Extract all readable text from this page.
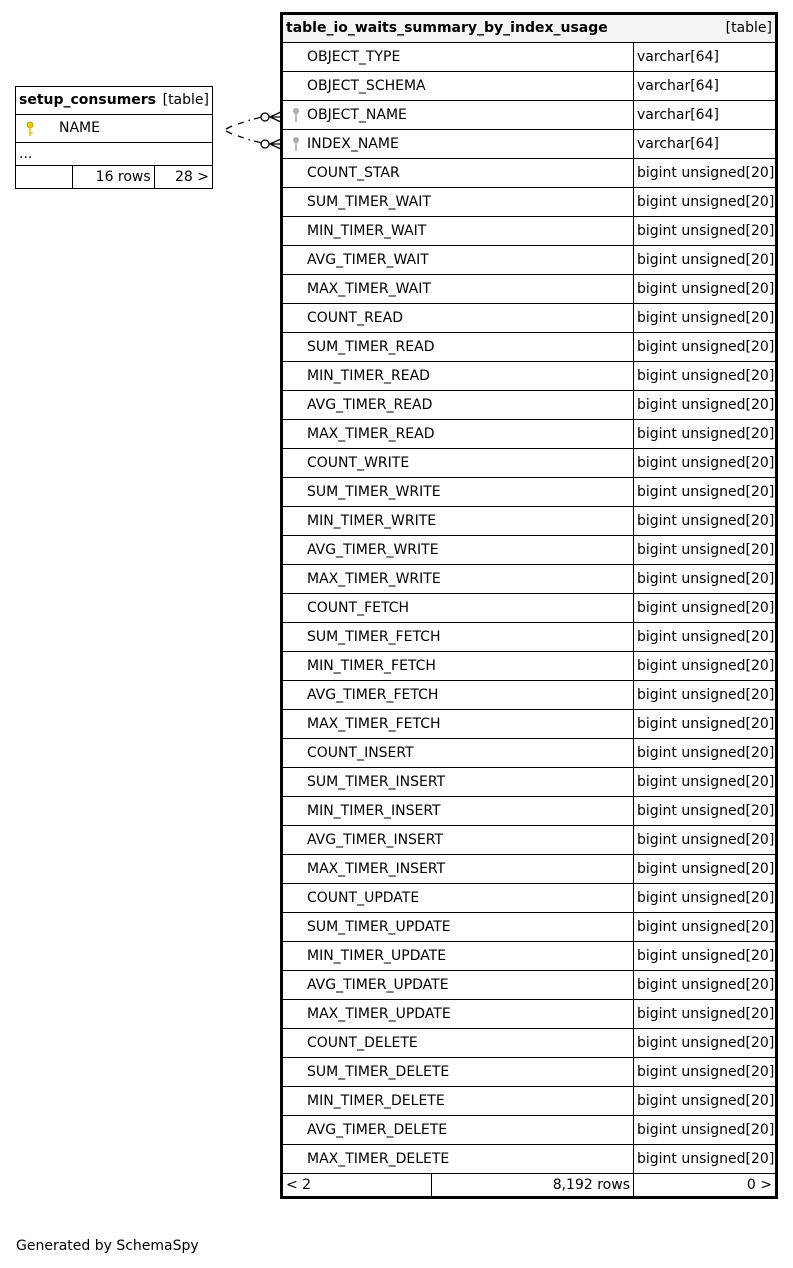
setup_consumers [table]

NAME
...
	16 rows	28 >
table_io_waits_summary_by_index_usage [table]		

OBJECT_TYPE		varchar[64]
OBJECT_SCHEMA		varchar[64]

OBJECT_NAME		varchar[64]

INDEX_NAME		varchar[64]
COUNT_STAR		bigint unsigned[20]
SUM_TIMER_WAIT		bigint unsigned[20]
MIN_TIMER_WAIT		bigint unsigned[20]
AVG_TIMER_WAIT		bigint unsigned[20]
MAX_TIMER_WAIT		bigint unsigned[20]
COUNT_READ		bigint unsigned[20]
SUM_TIMER_READ		bigint unsigned[20]
MIN_TIMER_READ		bigint unsigned[20]
AVG_TIMER_READ		bigint unsigned[20]
MAX_TIMER_READ		bigint unsigned[20]
COUNT_WRITE		bigint unsigned[20]
SUM_TIMER_WRITE		bigint unsigned[20]
MIN_TIMER_WRITE		bigint unsigned[20]
AVG_TIMER_WRITE		bigint unsigned[20]
MAX_TIMER_WRITE		bigint unsigned[20]
COUNT_FETCH		bigint unsigned[20]
SUM_TIMER_FETCH		bigint unsigned[20]
MIN_TIMER_FETCH		bigint unsigned[20]
AVG_TIMER_FETCH		bigint unsigned[20]
MAX_TIMER_FETCH		bigint unsigned[20]
COUNT_INSERT		bigint unsigned[20]
SUM_TIMER_INSERT		bigint unsigned[20]
MIN_TIMER_INSERT		bigint unsigned[20]
AVG_TIMER_INSERT		bigint unsigned[20]
MAX_TIMER_INSERT		bigint unsigned[20]
COUNT_UPDATE		bigint unsigned[20]
SUM_TIMER_UPDATE		bigint unsigned[20]
MIN_TIMER_UPDATE		bigint unsigned[20]
AVG_TIMER_UPDATE		bigint unsigned[20]
MAX_TIMER_UPDATE		bigint unsigned[20]
COUNT_DELETE		bigint unsigned[20]
SUM_TIMER_DELETE		bigint unsigned[20]
MIN_TIMER_DELETE		bigint unsigned[20]
AVG_TIMER_DELETE		bigint unsigned[20]
MAX_TIMER_DELETE		bigint unsigned[20]
< 2	8,192 rows	0 >
Generated by SchemaSpy
